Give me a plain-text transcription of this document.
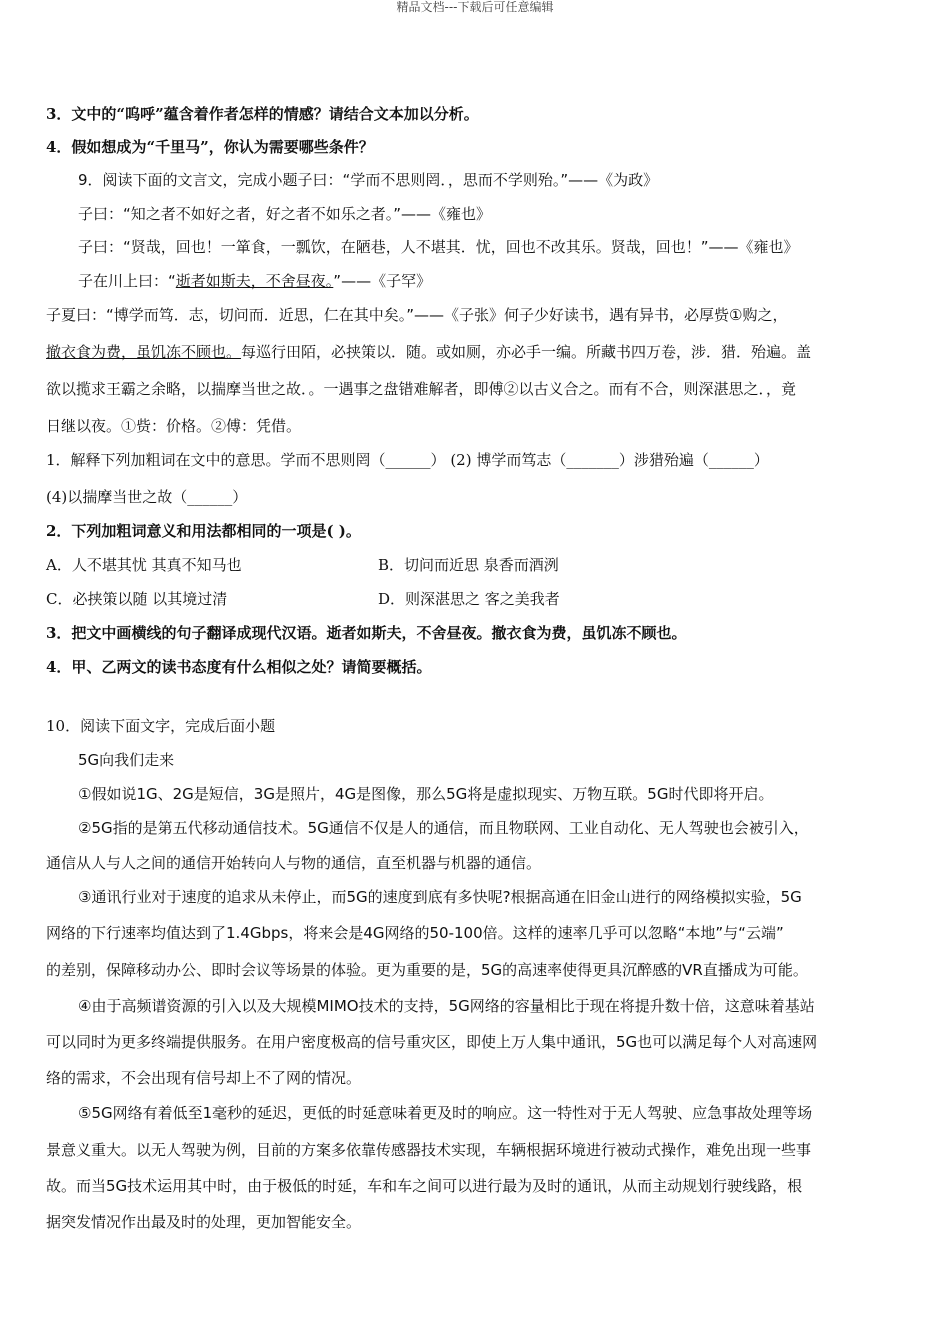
精品文档---下载后可任意编辑
3．文中的“呜呼”蕴含着作者怎样的情感？请结合文本加以分析。
4．假如想成为“千里马”，你认为需要哪些条件？
9．阅读下面的文言文，完成小题子曰：“学而不思则罔．，思而不学则殆。”——《为政》
子曰：“知之者不如好之者，好之者不如乐之者。”——《雍也》
子曰：“贤哉，回也！一箪食，一瓢饮，在陋巷，人不堪其．忧，回也不改其乐。贤哉，回也！”——《雍也》
子在川上曰：“逝者如斯夫，不舍昼夜。”——《子罕》
子夏曰：“博学而笃．志，切问而．近思，仁在其中矣。”——《子张》何子少好读书，遇有异书，必厚赀①购之，
撤衣食为费，虽饥冻不顾也。每巡行田陌，必挟策以．随。或如厕，亦必手一编。所藏书四万卷，涉．猎．殆遍。盖
欲以揽求王霸之余略，以揣摩当世之故．。一遇事之盘错难解者，即傅②以古义合之。而有不合，则深湛思之．，竟
日继以夜。①赀：价格。②傅：凭借。
1．解释下列加粗词在文中的意思。学而不思则罔（______） (2) 博学而笃志（_______）涉猎殆遍（______）
(4)以揣摩当世之故（______）
2．下列加粗词意义和用法都相同的一项是( )。
A．人不堪其忧 其真不知马也	B．切问而近思 泉香而酒洌
C．必挟策以随 以其境过清	D．则深湛思之 客之美我者
3．把文中画横线的句子翻译成现代汉语。逝者如斯夫，不舍昼夜。撤衣食为费，虽饥冻不顾也。
4．甲、乙两文的读书态度有什么相似之处？请简要概括。
10．阅读下面文字，完成后面小题
5G向我们走来
①假如说1G、2G是短信，3G是照片，4G是图像，那么5G将是虚拟现实、万物互联。5G时代即将开启。
②5G指的是第五代移动通信技术。5G通信不仅是人的通信，而且物联网、工业自动化、无人驾驶也会被引入，
通信从人与人之间的通信开始转向人与物的通信，直至机器与机器的通信。
③通讯行业对于速度的追求从未停止，而5G的速度到底有多快呢?根据高通在旧金山进行的网络模拟实验，5G
网络的下行速率均值达到了1.4Gbps，将来会是4G网络的50-100倍。这样的速率几乎可以忽略“本地”与“云端”
的差别，保障移动办公、即时会议等场景的体验。更为重要的是，5G的高速率使得更具沉醉感的VR直播成为可能。
④由于高频谱资源的引入以及大规模MIMO技术的支持，5G网络的容量相比于现在将提升数十倍，这意味着基站
可以同时为更多终端提供服务。在用户密度极高的信号重灾区，即使上万人集中通讯，5G也可以满足每个人对高速网
络的需求，不会出现有信号却上不了网的情况。
⑤5G网络有着低至1毫秒的延迟，更低的时延意味着更及时的响应。这一特性对于无人驾驶、应急事故处理等场
景意义重大。以无人驾驶为例，目前的方案多依靠传感器技术实现，车辆根据环境进行被动式操作，难免出现一些事
故。而当5G技术运用其中时，由于极低的时延，车和车之间可以进行最为及时的通讯，从而主动规划行驶线路，根
据突发情况作出最及时的处理，更加智能安全。
